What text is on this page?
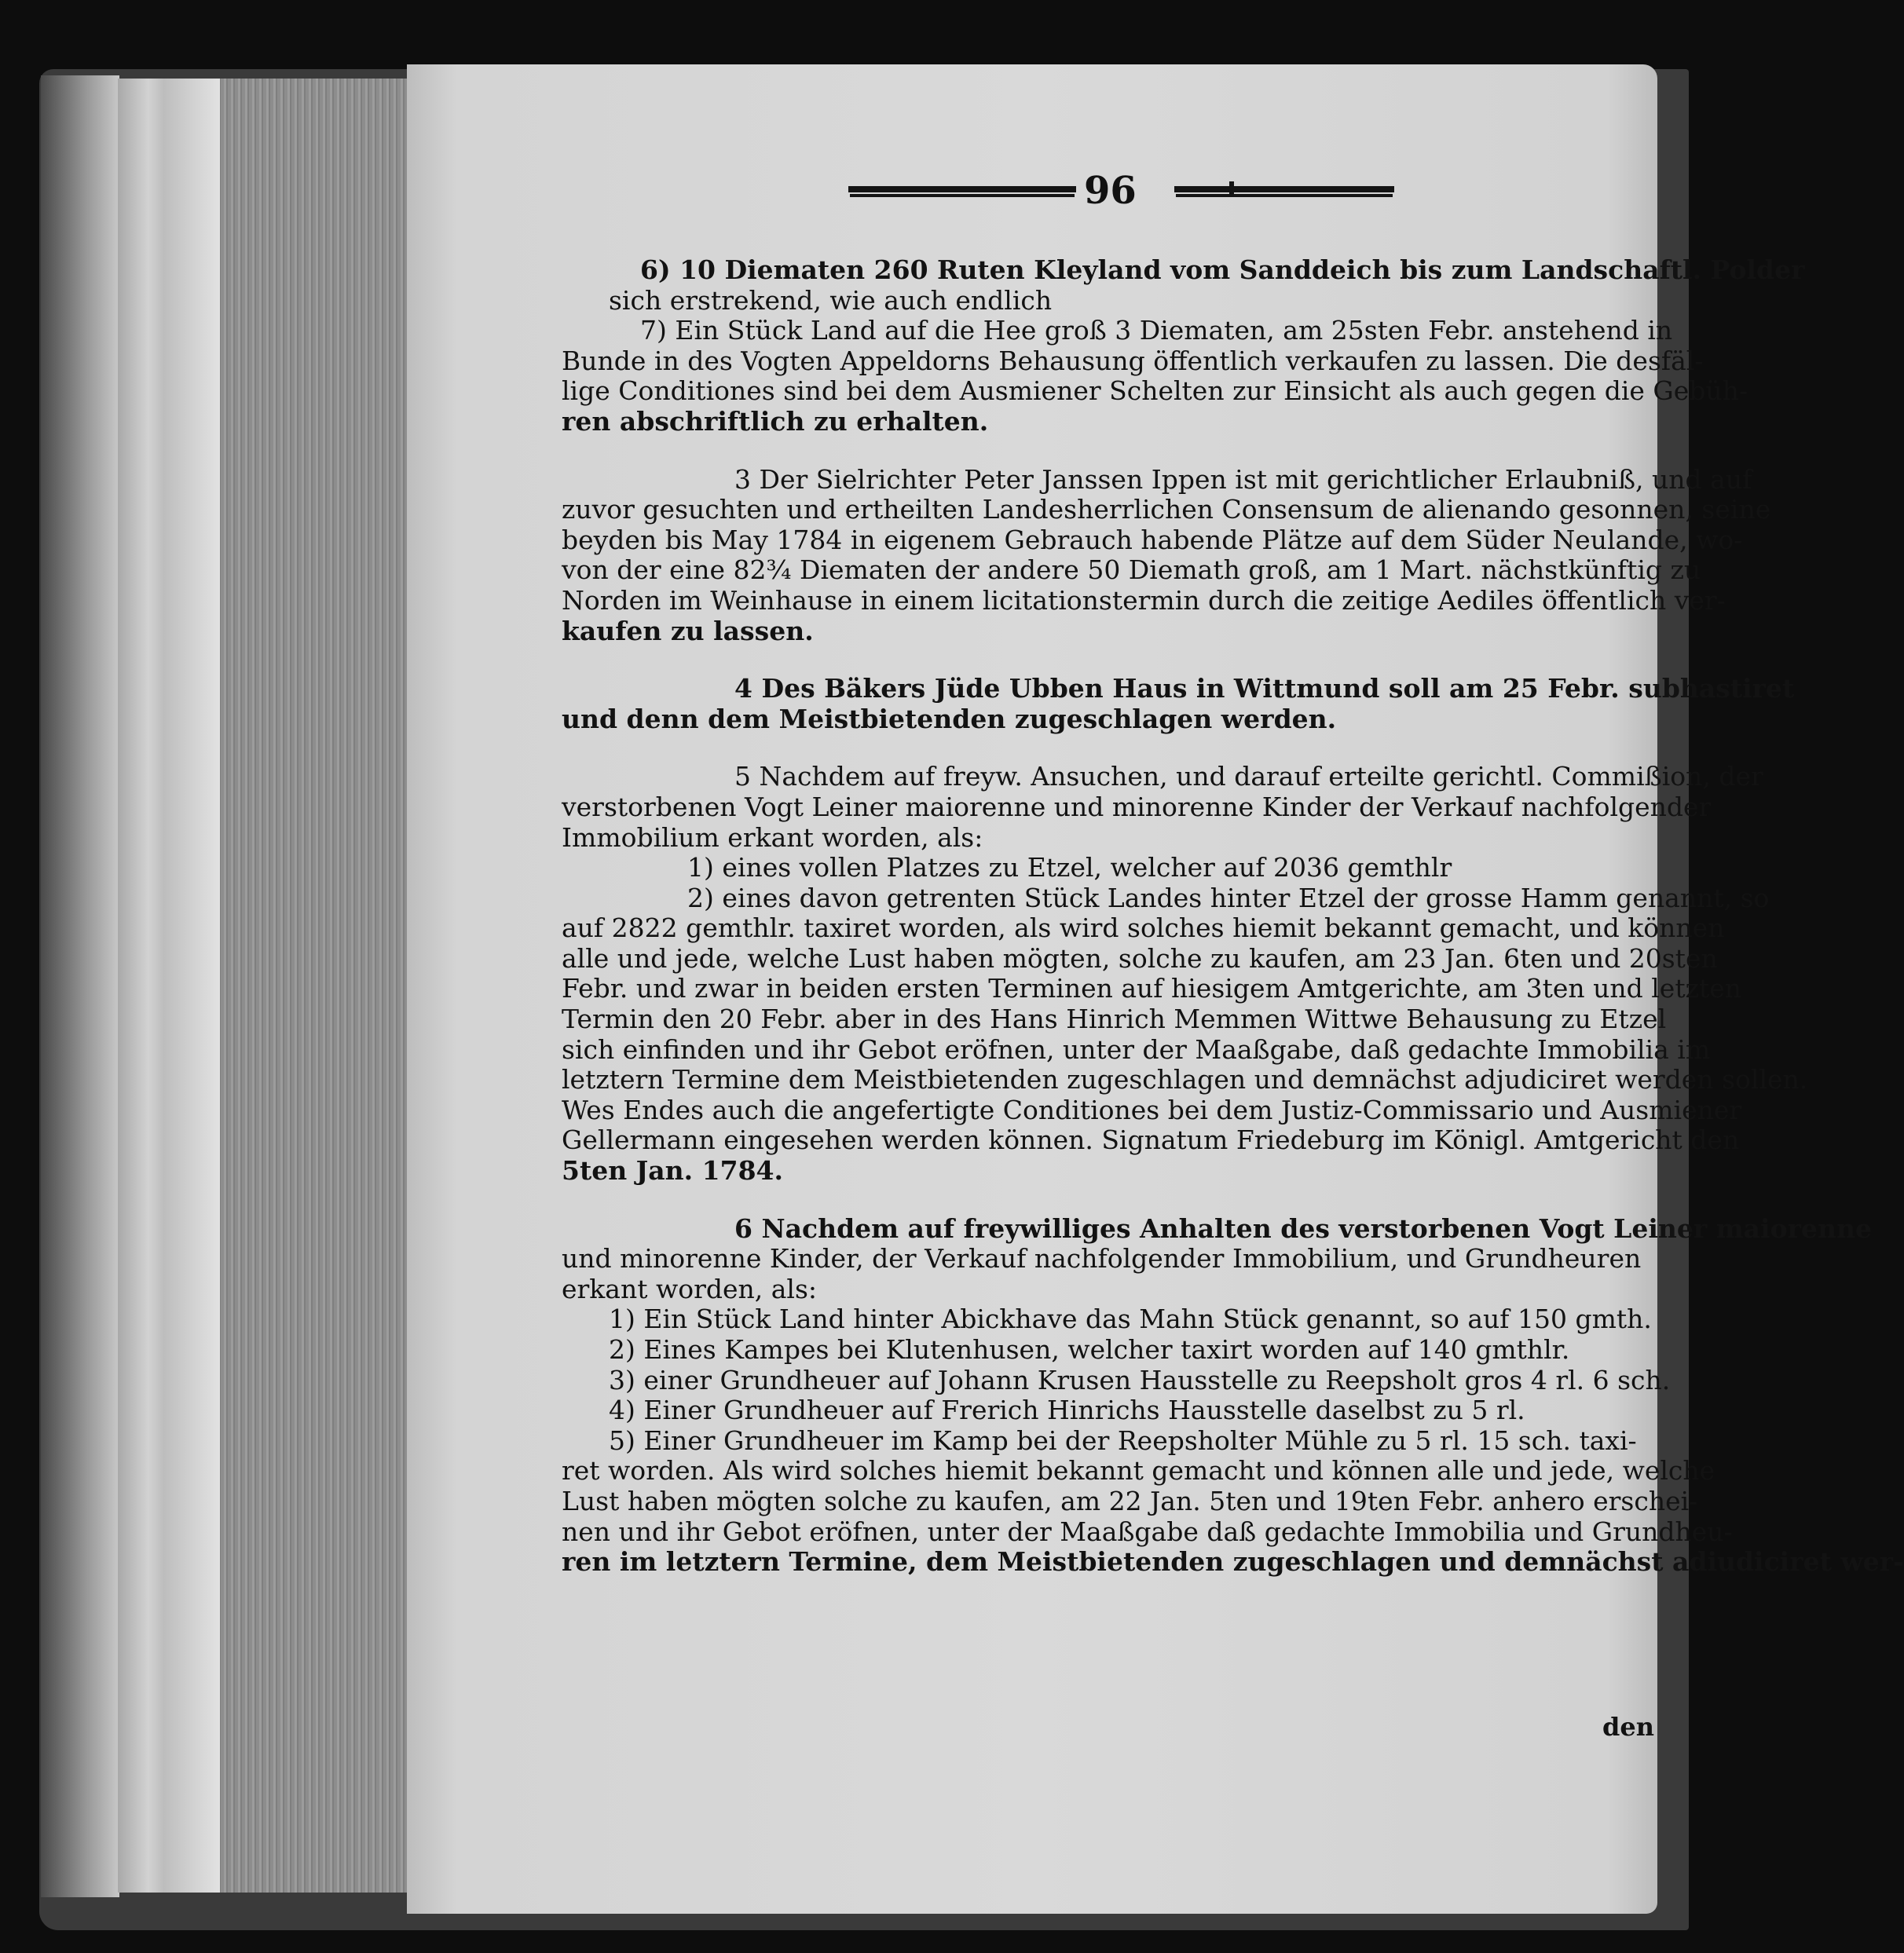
96
6) 10 Diematen 260 Ruten Kleyland vom Sanddeich bis zum Landschaftl. Polder
sich erstrekend, wie auch endlich
7) Ein Stück Land auf die Hee groß 3 Diematen, am 25sten Febr. anstehend in
Bunde in des Vogten Appeldorns Behausung öffentlich verkaufen zu lassen. Die desfäl-
lige Conditiones sind bei dem Ausmiener Schelten zur Einsicht als auch gegen die Gebüh-
ren abschriftlich zu erhalten.
3 Der Sielrichter Peter Janssen Ippen ist mit gerichtlicher Erlaubniß, und auf
zuvor gesuchten und ertheilten Landesherrlichen Consensum de alienando gesonnen, seine
beyden bis May 1784 in eigenem Gebrauch habende Plätze auf dem Süder Neulande, wo-
von der eine 82¾ Diematen der andere 50 Diemath groß, am 1 Mart. nächstkünftig zu
Norden im Weinhause in einem licitationstermin durch die zeitige Aediles öffentlich ver-
kaufen zu lassen.
4 Des Bäkers Jüde Ubben Haus in Wittmund soll am 25 Febr. subhastiret
und denn dem Meistbietenden zugeschlagen werden.
5 Nachdem auf freyw. Ansuchen, und darauf erteilte gerichtl. Commißion, der
verstorbenen Vogt Leiner maiorenne und minorenne Kinder der Verkauf nachfolgender
Immobilium erkant worden, als:
1) eines vollen Platzes zu Etzel, welcher auf 2036 gemthlr
2) eines davon getrenten Stück Landes hinter Etzel der grosse Hamm genannt, so
auf 2822 gemthlr. taxiret worden, als wird solches hiemit bekannt gemacht, und können
alle und jede, welche Lust haben mögten, solche zu kaufen, am 23 Jan. 6ten und 20sten
Febr. und zwar in beiden ersten Terminen auf hiesigem Amtgerichte, am 3ten und letzten
Termin den 20 Febr. aber in des Hans Hinrich Memmen Wittwe Behausung zu Etzel
sich einfinden und ihr Gebot eröfnen, unter der Maaßgabe, daß gedachte Immobilia im
letztern Termine dem Meistbietenden zugeschlagen und demnächst adjudiciret werden sollen.
Wes Endes auch die angefertigte Conditiones bei dem Justiz-Commissario und Ausmiener
Gellermann eingesehen werden können. Signatum Friedeburg im Königl. Amtgericht den
5ten Jan. 1784.
6 Nachdem auf freywilliges Anhalten des verstorbenen Vogt Leiner maiorenne
und minorenne Kinder, der Verkauf nachfolgender Immobilium, und Grundheuren
erkant worden, als:
1) Ein Stück Land hinter Abickhave das Mahn Stück genannt, so auf 150 gmth.
2) Eines Kampes bei Klutenhusen, welcher taxirt worden auf 140 gmthlr.
3) einer Grundheuer auf Johann Krusen Hausstelle zu Reepsholt gros 4 rl. 6 sch.
4) Einer Grundheuer auf Frerich Hinrichs Hausstelle daselbst zu 5 rl.
5) Einer Grundheuer im Kamp bei der Reepsholter Mühle zu 5 rl. 15 sch. taxi-
ret worden. Als wird solches hiemit bekannt gemacht und können alle und jede, welche
Lust haben mögten solche zu kaufen, am 22 Jan. 5ten und 19ten Febr. anhero erschei-
nen und ihr Gebot eröfnen, unter der Maaßgabe daß gedachte Immobilia und Grundheu-
ren im letztern Termine, dem Meistbietenden zugeschlagen und demnächst adiudiciret wer-
den
